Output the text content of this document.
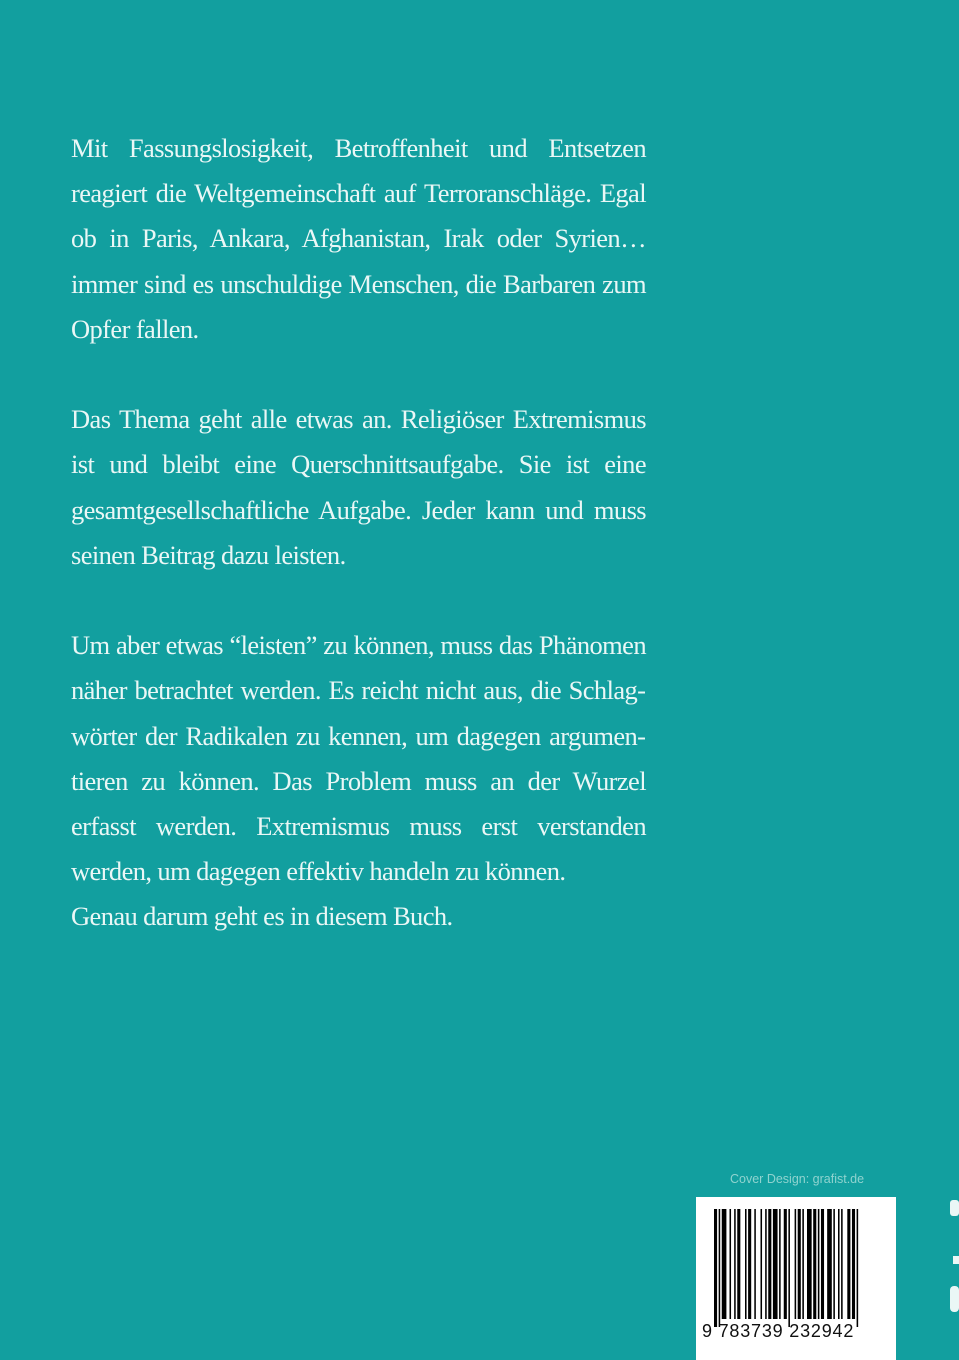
Mit Fassungslosigkeit, Betroffenheit und Entsetzen reagiert die Weltgemeinschaft auf Terroranschläge. Egal ob in Paris, Ankara, Afghanistan, Irak oder Syrien… immer sind es unschuldige Menschen, die Barbaren zum Opfer fallen.

Das Thema geht alle etwas an. Religiöser Extremismus ist und bleibt eine Querschnittsaufgabe. Sie ist eine gesamtgesellschaftliche Aufgabe. Jeder kann und muss seinen Beitrag dazu leisten.

Um aber etwas “leisten” zu können, muss das Phänomen näher betrachtet werden. Es reicht nicht aus, die Schlagwörter der Radikalen zu kennen, um dagegen argumentieren zu können. Das Problem muss an der Wurzel erfasst werden. Extremismus muss erst verstanden werden, um dagegen effektiv handeln zu können.

Genau darum geht es in diesem Buch.

Cover Design: grafist.de
9 783739 232942
